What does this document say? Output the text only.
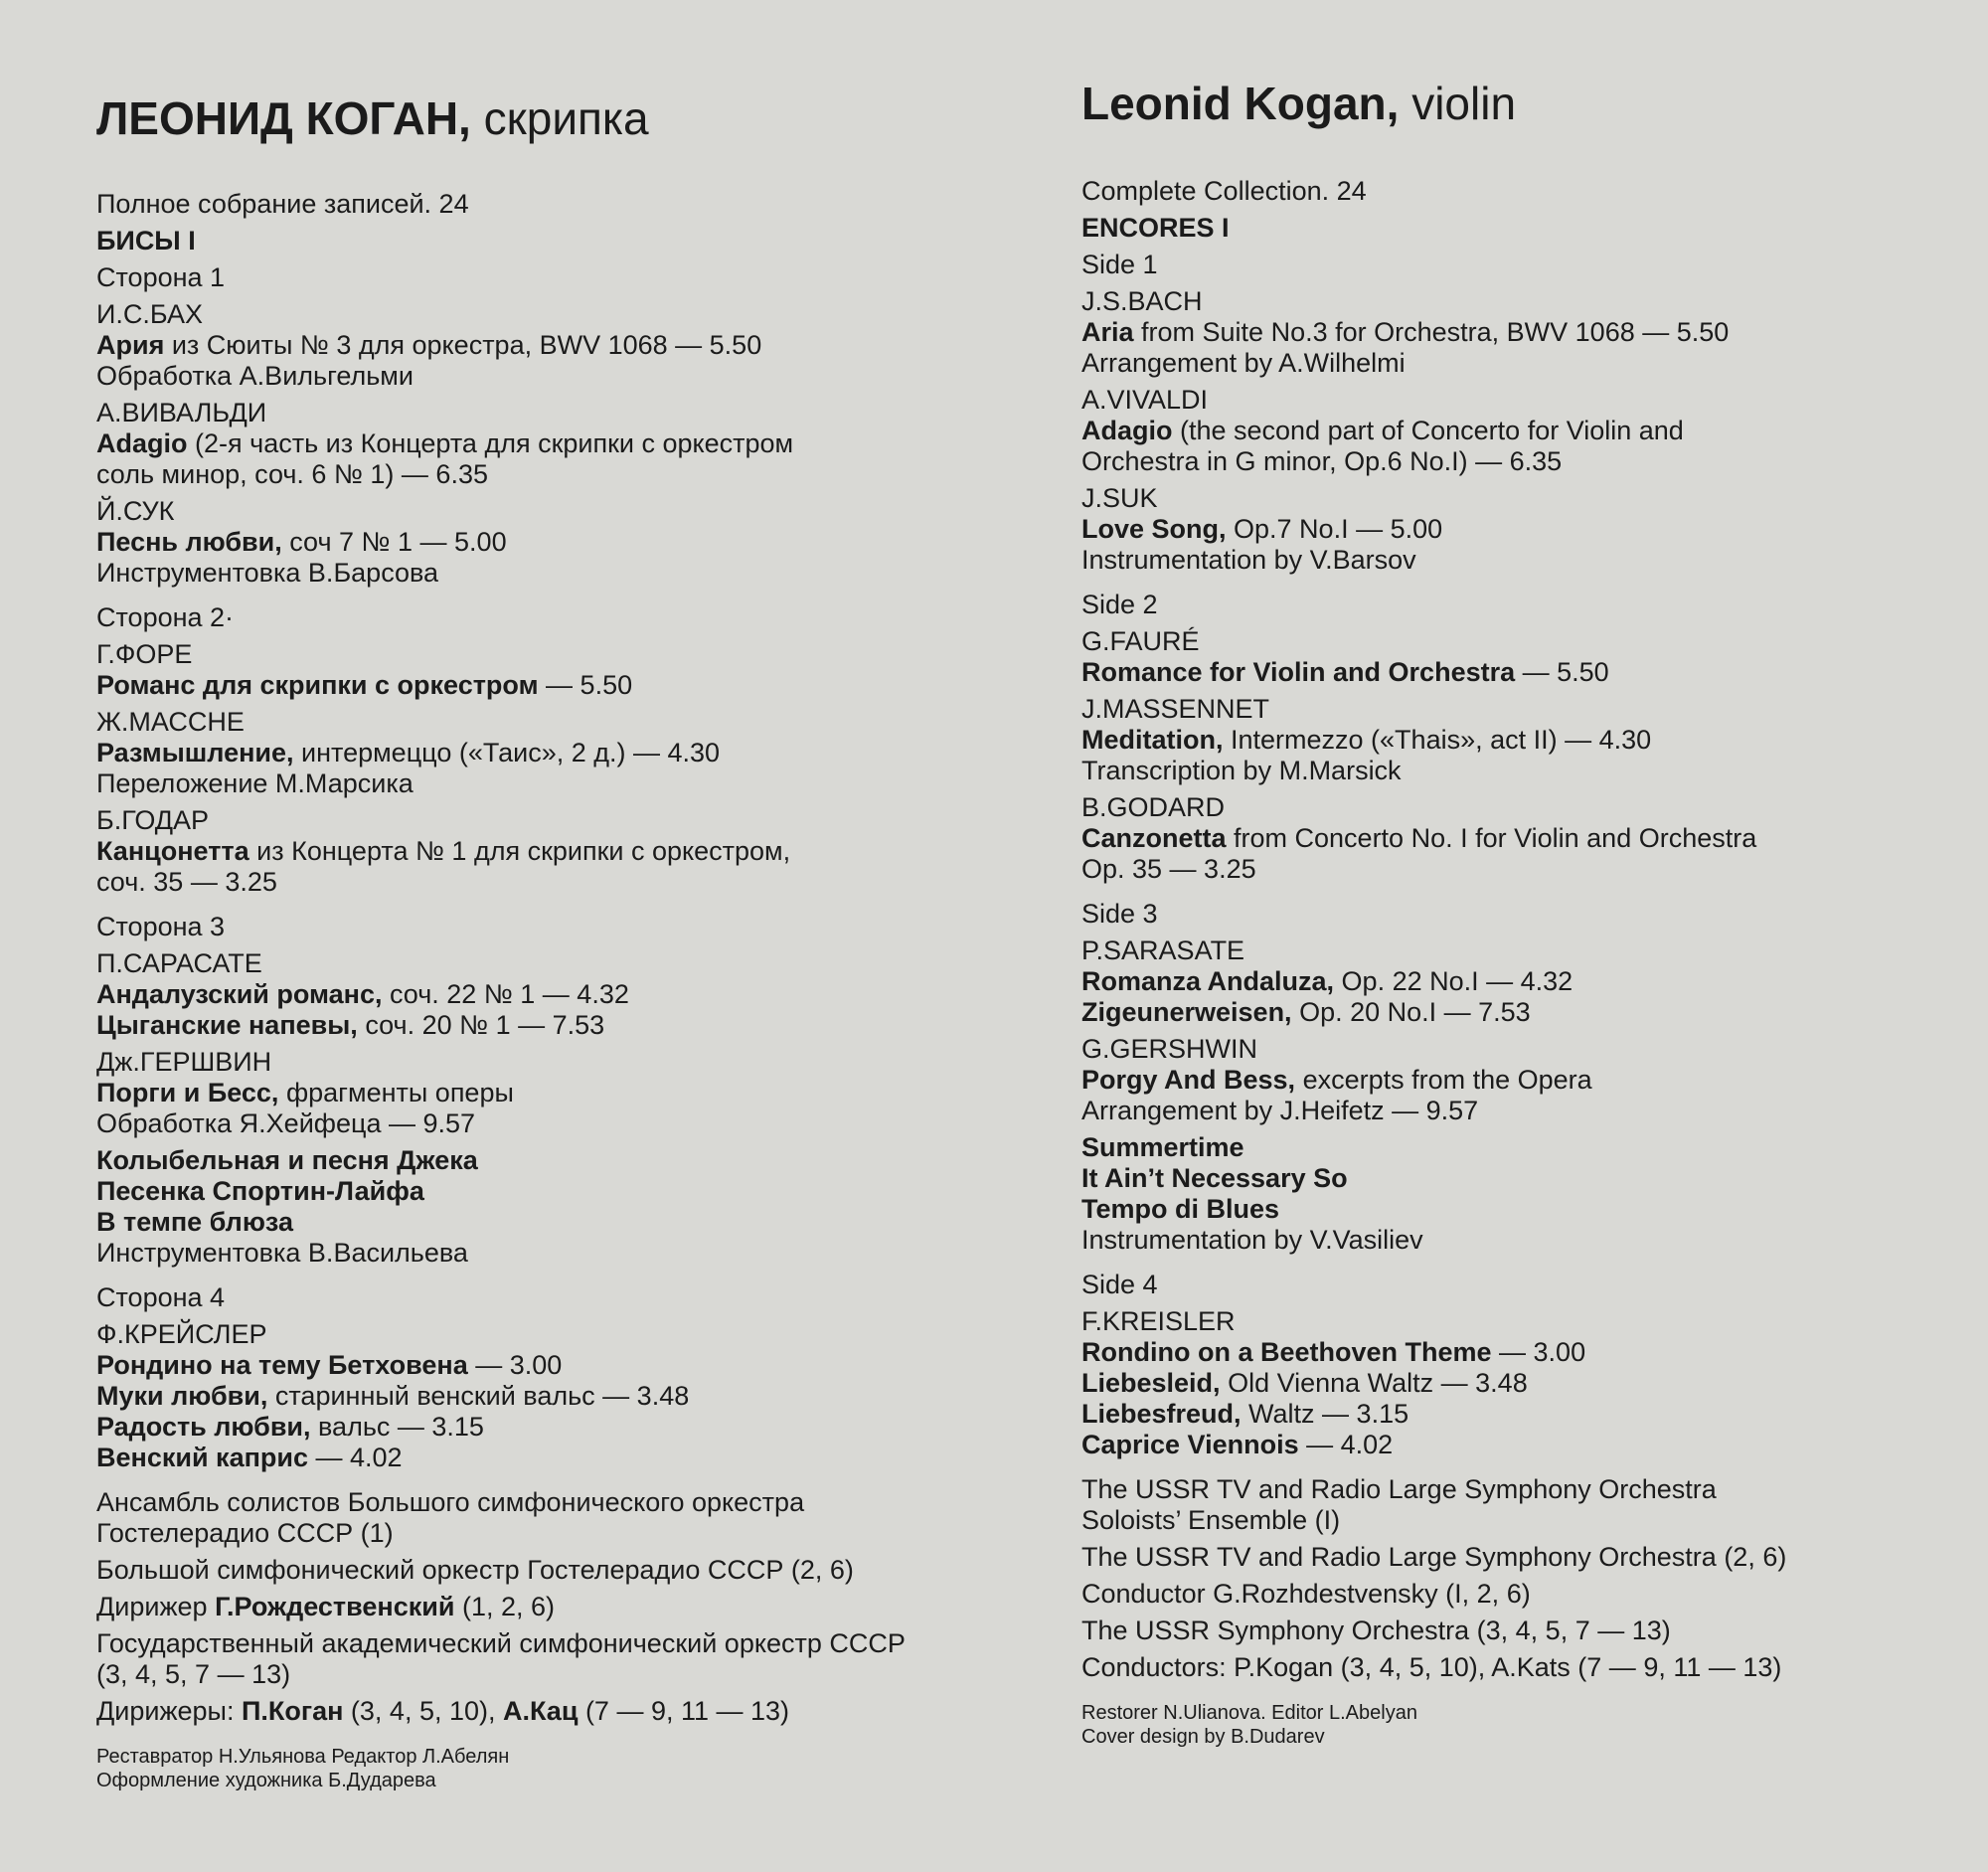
ЛЕОНИД КОГАН, скрипка
Полное собрание записей. 24
БИСЫ I
Сторона 1
И.С.БАХ
Ария из Сюиты № 3 для оркестра, BWV 1068 — 5.50
Обработка А.Вильгельми
А.ВИВАЛЬДИ
Adagio (2-я часть из Концерта для скрипки с оркестром
соль минор, соч. 6 № 1) — 6.35
Й.СУК
Песнь любви, соч 7 № 1 — 5.00
Инструментовка В.Барсова
Сторона 2·
Г.ФОРЕ
Романс для скрипки с оркестром — 5.50
Ж.МАССНЕ
Размышление, интермеццо («Таис», 2 д.) — 4.30
Переложение М.Марсика
Б.ГОДАР
Канцонетта из Концерта № 1 для скрипки с оркестром,
соч. 35 — 3.25
Сторона 3
П.САРАСАТЕ
Андалузский романс, соч. 22 № 1 — 4.32
Цыганские напевы, соч. 20 № 1 — 7.53
Дж.ГЕРШВИН
Порги и Бесс, фрагменты оперы
Обработка Я.Хейфеца — 9.57
Колыбельная и песня Джека
Песенка Спортин-Лайфа
В темпе блюза
Инструментовка В.Васильева
Сторона 4
Ф.КРЕЙСЛЕР
Рондино на тему Бетховена — 3.00
Муки любви, старинный венский вальс — 3.48
Радость любви, вальс — 3.15
Венский каприс — 4.02
Ансамбль солистов Большого симфонического оркестра
Гостелерадио СССР (1)
Большой симфонический оркестр Гостелерадио СССР (2, 6)
Дирижер Г.Рождественский (1, 2, 6)
Государственный академический симфонический оркестр СССР
(3, 4, 5, 7 — 13)
Дирижеры: П.Коган (3, 4, 5, 10), А.Кац (7 — 9, 11 — 13)
Реставратор Н.Ульянова Редактор Л.Абелян
Оформление художника Б.Дударева
Leonid Kogan, violin
Complete Collection. 24
ENCORES I
Side 1
J.S.BACH
Aria from Suite No.3 for Orchestra, BWV 1068 — 5.50
Arrangement by A.Wilhelmi
A.VIVALDI
Adagio (the second part of Concerto for Violin and
Orchestra in G minor, Op.6 No.I) — 6.35
J.SUK
Love Song, Op.7 No.I — 5.00
Instrumentation by V.Barsov
Side 2
G.FAURÉ
Romance for Violin and Orchestra — 5.50
J.MASSENNET
Meditation, Intermezzo («Thais», act II) — 4.30
Transcription by M.Marsick
B.GODARD
Canzonetta from Concerto No. I for Violin and Orchestra
Op. 35 — 3.25
Side 3
P.SARASATE
Romanza Andaluza, Op. 22 No.I — 4.32
Zigeunerweisen, Op. 20 No.I — 7.53
G.GERSHWIN
Porgy And Bess, excerpts from the Opera
Arrangement by J.Heifetz — 9.57
Summertime
It Ain’t Necessary So
Tempo di Blues
Instrumentation by V.Vasiliev
Side 4
F.KREISLER
Rondino on a Beethoven Theme — 3.00
Liebesleid, Old Vienna Waltz — 3.48
Liebesfreud, Waltz — 3.15
Caprice Viennois — 4.02
The USSR TV and Radio Large Symphony Orchestra
Soloists’ Ensemble (I)
The USSR TV and Radio Large Symphony Orchestra (2, 6)
Conductor G.Rozhdestvensky (I, 2, 6)
The USSR Symphony Orchestra (3, 4, 5, 7 — 13)
Conductors: P.Kogan (3, 4, 5, 10), A.Kats (7 — 9, 11 — 13)
Restorer N.Ulianova. Editor L.Abelyan
Cover design by B.Dudarev
